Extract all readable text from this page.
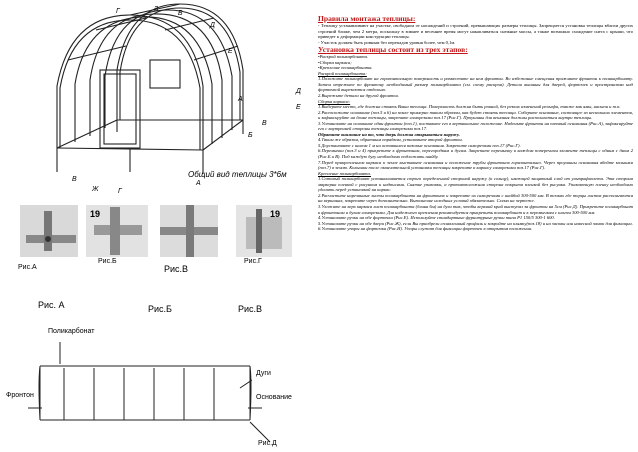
Г	З
Б
Д
Е
А
В
Ж	Г
А
Б
В
Д
Е
Общий вид теплицы 3*6м
19	19
Рис.А
Рис.Б
Рис.В
Рис.Г
Рис. А	Рис.Б	Рис.В
Поликарбонат
Дуги
Фронтон	Основание
Рис.Д
Правила монтажа теплицы:

- Теплицу устанавливают на участке, свободном от насаждений и строений, превышающих размеры теплицы. Запрещается установка теплицы вблизи других строений ближе, чем 2 метра, поскольку в зимнее и весеннее время могут накапливаться снежные массы, а также возможно схождение снега с крыши, что приведет к деформации конструкции теплицы.

- Участок должен быть ровным без перепадов уровня более, чем 0,1м.

Установка теплицы состоит из трех этапов:

•Раскрой поликарбоната.

•Сборка каркаса;

•Крепление поликарбоната.

Раскрой поликарбоната:

1.Положите поликарбонат на горизонтальную поверхность и разместите на нем фронтон. Во избежание смещения прижмите фронтон к поликарбонату. Затем отрежьте по фронтону необходимый размер поликарбоната (см. схему раскроя). Детали вышины для дверей, форточек и пространства над форточкой вырезаются отдельно.

2.Вырежьте детали на другой фронтон.

Сборка каркаса:

1.Выберите место, где должна стоять Ваша теплица. Поверхность должна быть ровной, без резких изменений рельефа, также как ямы, насыпи и т.п.

2.Расположите основание (поз.5 и 6) на земле примерно таким образом, как будет стоять теплица. Соберите основание, состоящее из нескольких элементов, и зафиксируйте на длине теплицы, закрепите саморезами поз.17 (Рис.Г). Проушины для вешания должны располагаться внутри теплицы.

3.Установите на основание один фронтон (поз.1), поставьте его в вертикальное положение. Наденьте фронтон на пазовый основания (Рис.А), зафиксируйте его с внутренней стороны теплицы саморезами поз.17.

Обратите внимание на то, что дверь должна открываться наружу.

4.Таким же образом, обратным порядком, установите второй фронтон.

5.Доустановите с шагом 1 м на оставшиеся пазовые основания. Закрепите саморезами поз.17 (Рис.Г).

6.Перемычки (поз.3 и 4) прикрепите к фронтонам, перегородкам и дугам. Закрепите перемычку в каждом поперечном элементе теплицы с одним с дном 2 (Рис.Б и В). Под каждую дугу необходимо подложить шайбу.

7.Перед прикреплением каркаса к земле выставьте основания и положение трубы фронтонов горизонтально. Через проушины основания вбейте колышки (поз.7) в землю. Колышки после окончательной установки теплицы закрепите к каркасу саморезами поз.17 (Рис.Г).

Крепление поликарбоната.

1.Сотовый поликарбонат устанавливается строго определенной стороной наружу (к солнцу), имеющей защитный слой от ультрафиолета. Эта сторона маркерна пленкой с рисунком и надписями. Снятие упаковки, а противоположная сторона покрыта пленкой без рисунка. Упаковочную пленку необходимо удалить перед установкой на каркас.

2.Расчистите нарезанные листы поликарбоната на фронтонах и закрепите их саморезами с шайбой 300-500 мм. В точках где торцы листов располагаются на вершинах, закрепите через дополнительно. Выполнение исходных условий обязательно. Схема на чертеже.

3.Уложите на верх каркаса лист поликарбоната (длина 6м) на дуги так, чтобы верхний край выступал за фронтон на 5см (Рис.Д). Прикрепите поликарбонат к фронтонам и дугам саморезами. Для надежного крепления рекомендуется прикрепить поликарбонат и к перемычкам с шагом 300-500 мм.

4.Установите ручки на обе форточки (Рис.Е). Используйте стандартные фурнитурные ручки типа P1 150/5 300-1 600.

5.Установите ручки на обе двери (Рис.Ж), если Вы приобрели сплавленный профиль и закройте на клямку(поз.18) и на засовы или навесной замок для фиксации.

6.Установите упоры на форточки (Рис.И). Упоры служат для фиксации форточек в открытом положении.
